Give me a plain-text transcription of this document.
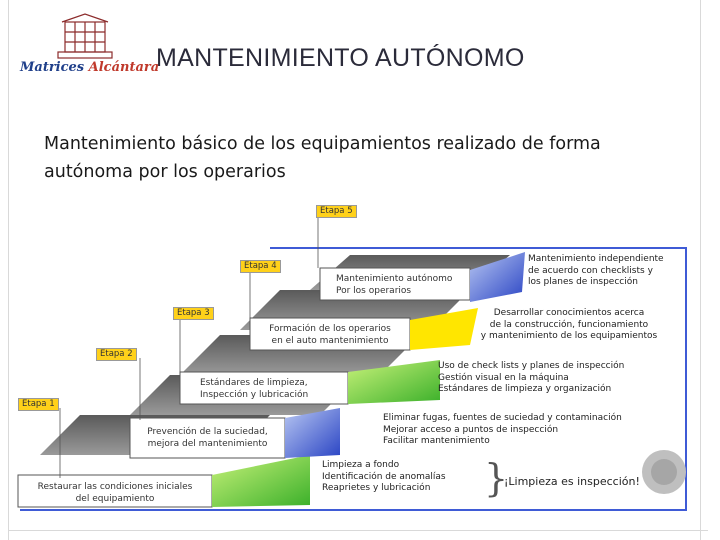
Matrices Alcántara
MANTENIMIENTO AUTÓNOMO
Mantenimiento básico de los equipamientos realizado de forma autónoma por los operarios
Etapa 1
Etapa 2
Etapa 3
Etapa 4
Etapa 5
Restaurar las condiciones iniciales
del equipamiento
Prevención de la suciedad,
mejora del mantenimiento
Estándares de limpieza,
Inspección y lubricación
Formación de los operarios
en el auto mantenimiento
Mantenimiento autónomo
Por los operarios
Limpieza a fondo
Identificación de anomalías
Reaprietes y lubricación
Eliminar fugas, fuentes de suciedad y contaminación
Mejorar acceso a puntos de inspección
Facilitar mantenimiento
Uso de check lists y planes de inspección
Gestión visual en la máquina
Estándares de limpieza y organización
Desarrollar conocimientos acerca
de la construcción, funcionamiento
y mantenimiento de los equipamientos
Mantenimiento independiente
de acuerdo con checklists y
los planes de inspección
}
¡Limpieza es inspección!
